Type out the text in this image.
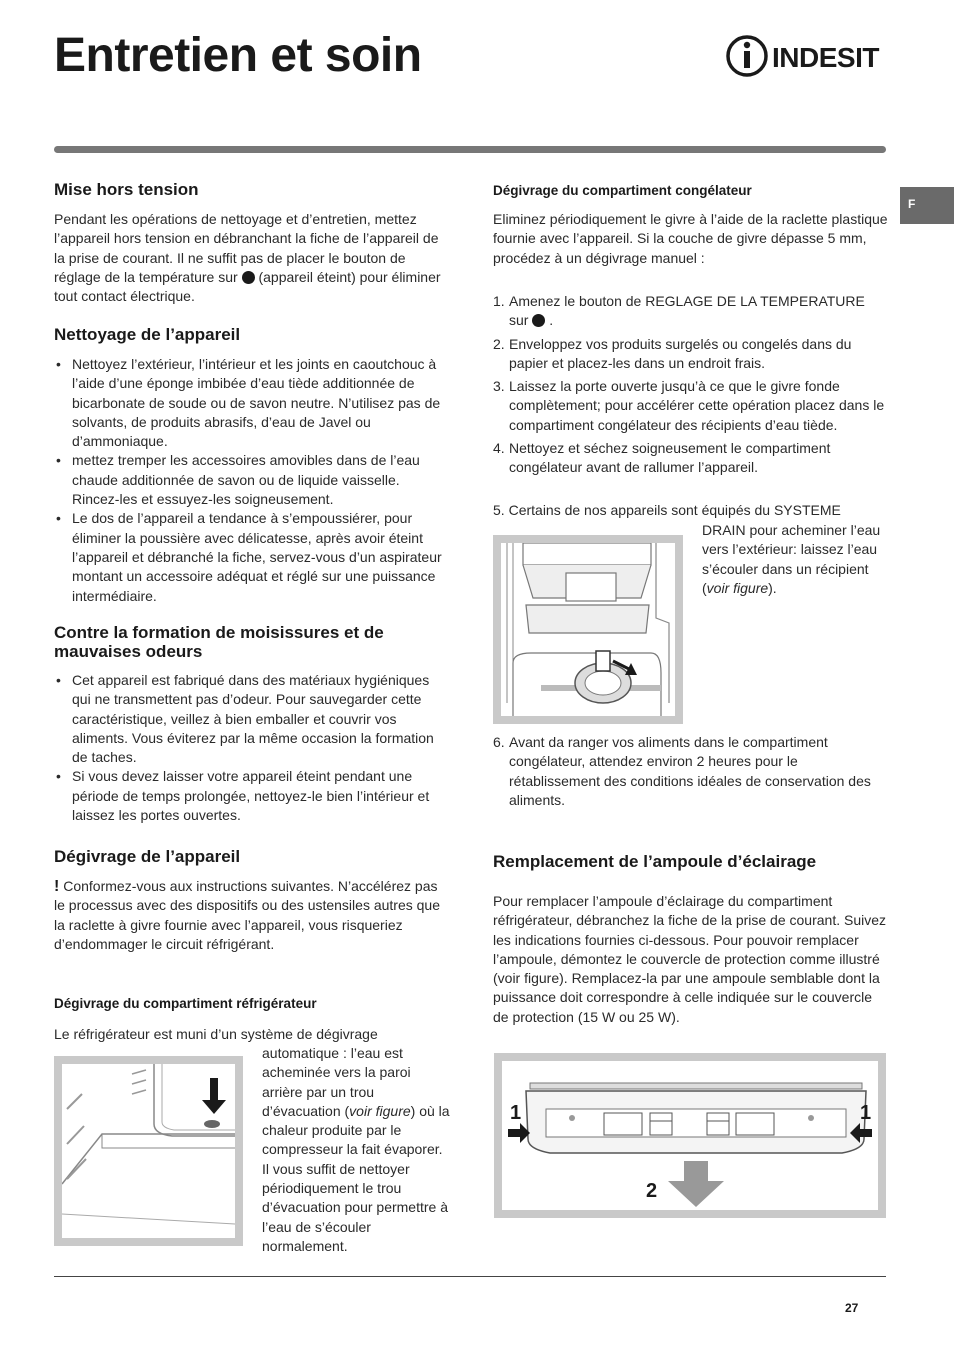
Entretien et soin	INDESIT
F
Mise hors tension
Pendant les opérations de nettoyage et d’entretien, mettez l’appareil hors tension en débranchant la fiche de l’appareil de la prise de courant. Il ne suffit pas de placer le bouton de réglage de la température sur (appareil éteint) pour éliminer tout contact électrique.
Nettoyage de l’appareil
• Nettoyez l’extérieur, l’intérieur et les joints en caoutchouc à l’aide d’une éponge imbibée d’eau tiède additionnée de bicarbonate de soude ou de savon neutre. N’utilisez pas de solvants, de produits abrasifs, d’eau de Javel ou d’ammoniaque.
• mettez tremper les accessoires amovibles dans de l’eau chaude additionnée de savon ou de liquide vaisselle. Rincez-les et essuyez-les soigneusement.
• Le dos de l’appareil a tendance à s’empoussiérer, pour éliminer la poussière avec délicatesse, après avoir éteint l’appareil et débranché la fiche, servez-vous d’un aspirateur montant un accessoire adéquat et réglé sur une puissance intermédiaire.
Contre la formation de moisissures et de mauvaises odeurs
• Cet appareil est fabriqué dans des matériaux hygiéniques qui ne transmettent pas d’odeur. Pour sauvegarder cette caractéristique, veillez à bien emballer et couvrir vos aliments. Vous éviterez par la même occasion la formation de taches.
• Si vous devez laisser votre appareil éteint pendant une période de temps prolongée, nettoyez-le bien l’intérieur et laissez les portes ouvertes.
Dégivrage de l’appareil
! Conformez-vous aux instructions suivantes. N’accélérez pas le processus avec des dispositifs ou des ustensiles autres que la raclette à givre fournie avec l’appareil, vous risqueriez d’endommager le circuit réfrigérant.
Dégivrage du compartiment réfrigérateur
Le réfrigérateur est muni d’un système de dégivrage
automatique : l’eau est acheminée vers la paroi arrière par un trou d’évacuation (voir figure) où la chaleur produite par le compresseur la fait évaporer. Il vous suffit de nettoyer périodiquement le trou d’évacuation pour permettre à l’eau de s’écouler normalement.
Dégivrage du compartiment congélateur
Eliminez périodiquement le givre à l’aide de la raclette plastique fournie avec l’appareil. Si la couche de givre dépasse 5 mm, procédez à un dégivrage manuel :
1. Amenez le bouton de REGLAGE DE LA TEMPERATURE sur .
2. Enveloppez vos produits surgelés ou congelés dans du papier et placez-les dans un endroit frais.
3. Laissez la porte ouverte jusqu’à ce que le givre fonde complètement; pour accélérer cette opération placez dans le compartiment congélateur des récipients d’eau tiède.
4. Nettoyez et séchez soigneusement le compartiment congélateur avant de rallumer l’appareil.
5. Certains de nos appareils sont équipés du SYSTEME
DRAIN pour acheminer l’eau vers l’extérieur: laissez l’eau s’écouler dans un récipient (voir figure).
6. Avant da ranger vos aliments dans le compartiment congélateur, attendez environ 2 heures pour le rétablissement des conditions idéales de conservation des aliments.
Remplacement de l’ampoule d’éclairage
Pour remplacer l’ampoule d’éclairage du compartiment réfrigérateur, débranchez la fiche de la prise de courant. Suivez les indications fournies ci-dessous. Pour pouvoir remplacer l’ampoule, démontez le couvercle de protection comme illustré (voir figure). Remplacez-la par une ampoule semblable dont la puissance doit correspondre à celle indiquée sur le couvercle de protection (15 W ou 25 W).
1	1
2
27
